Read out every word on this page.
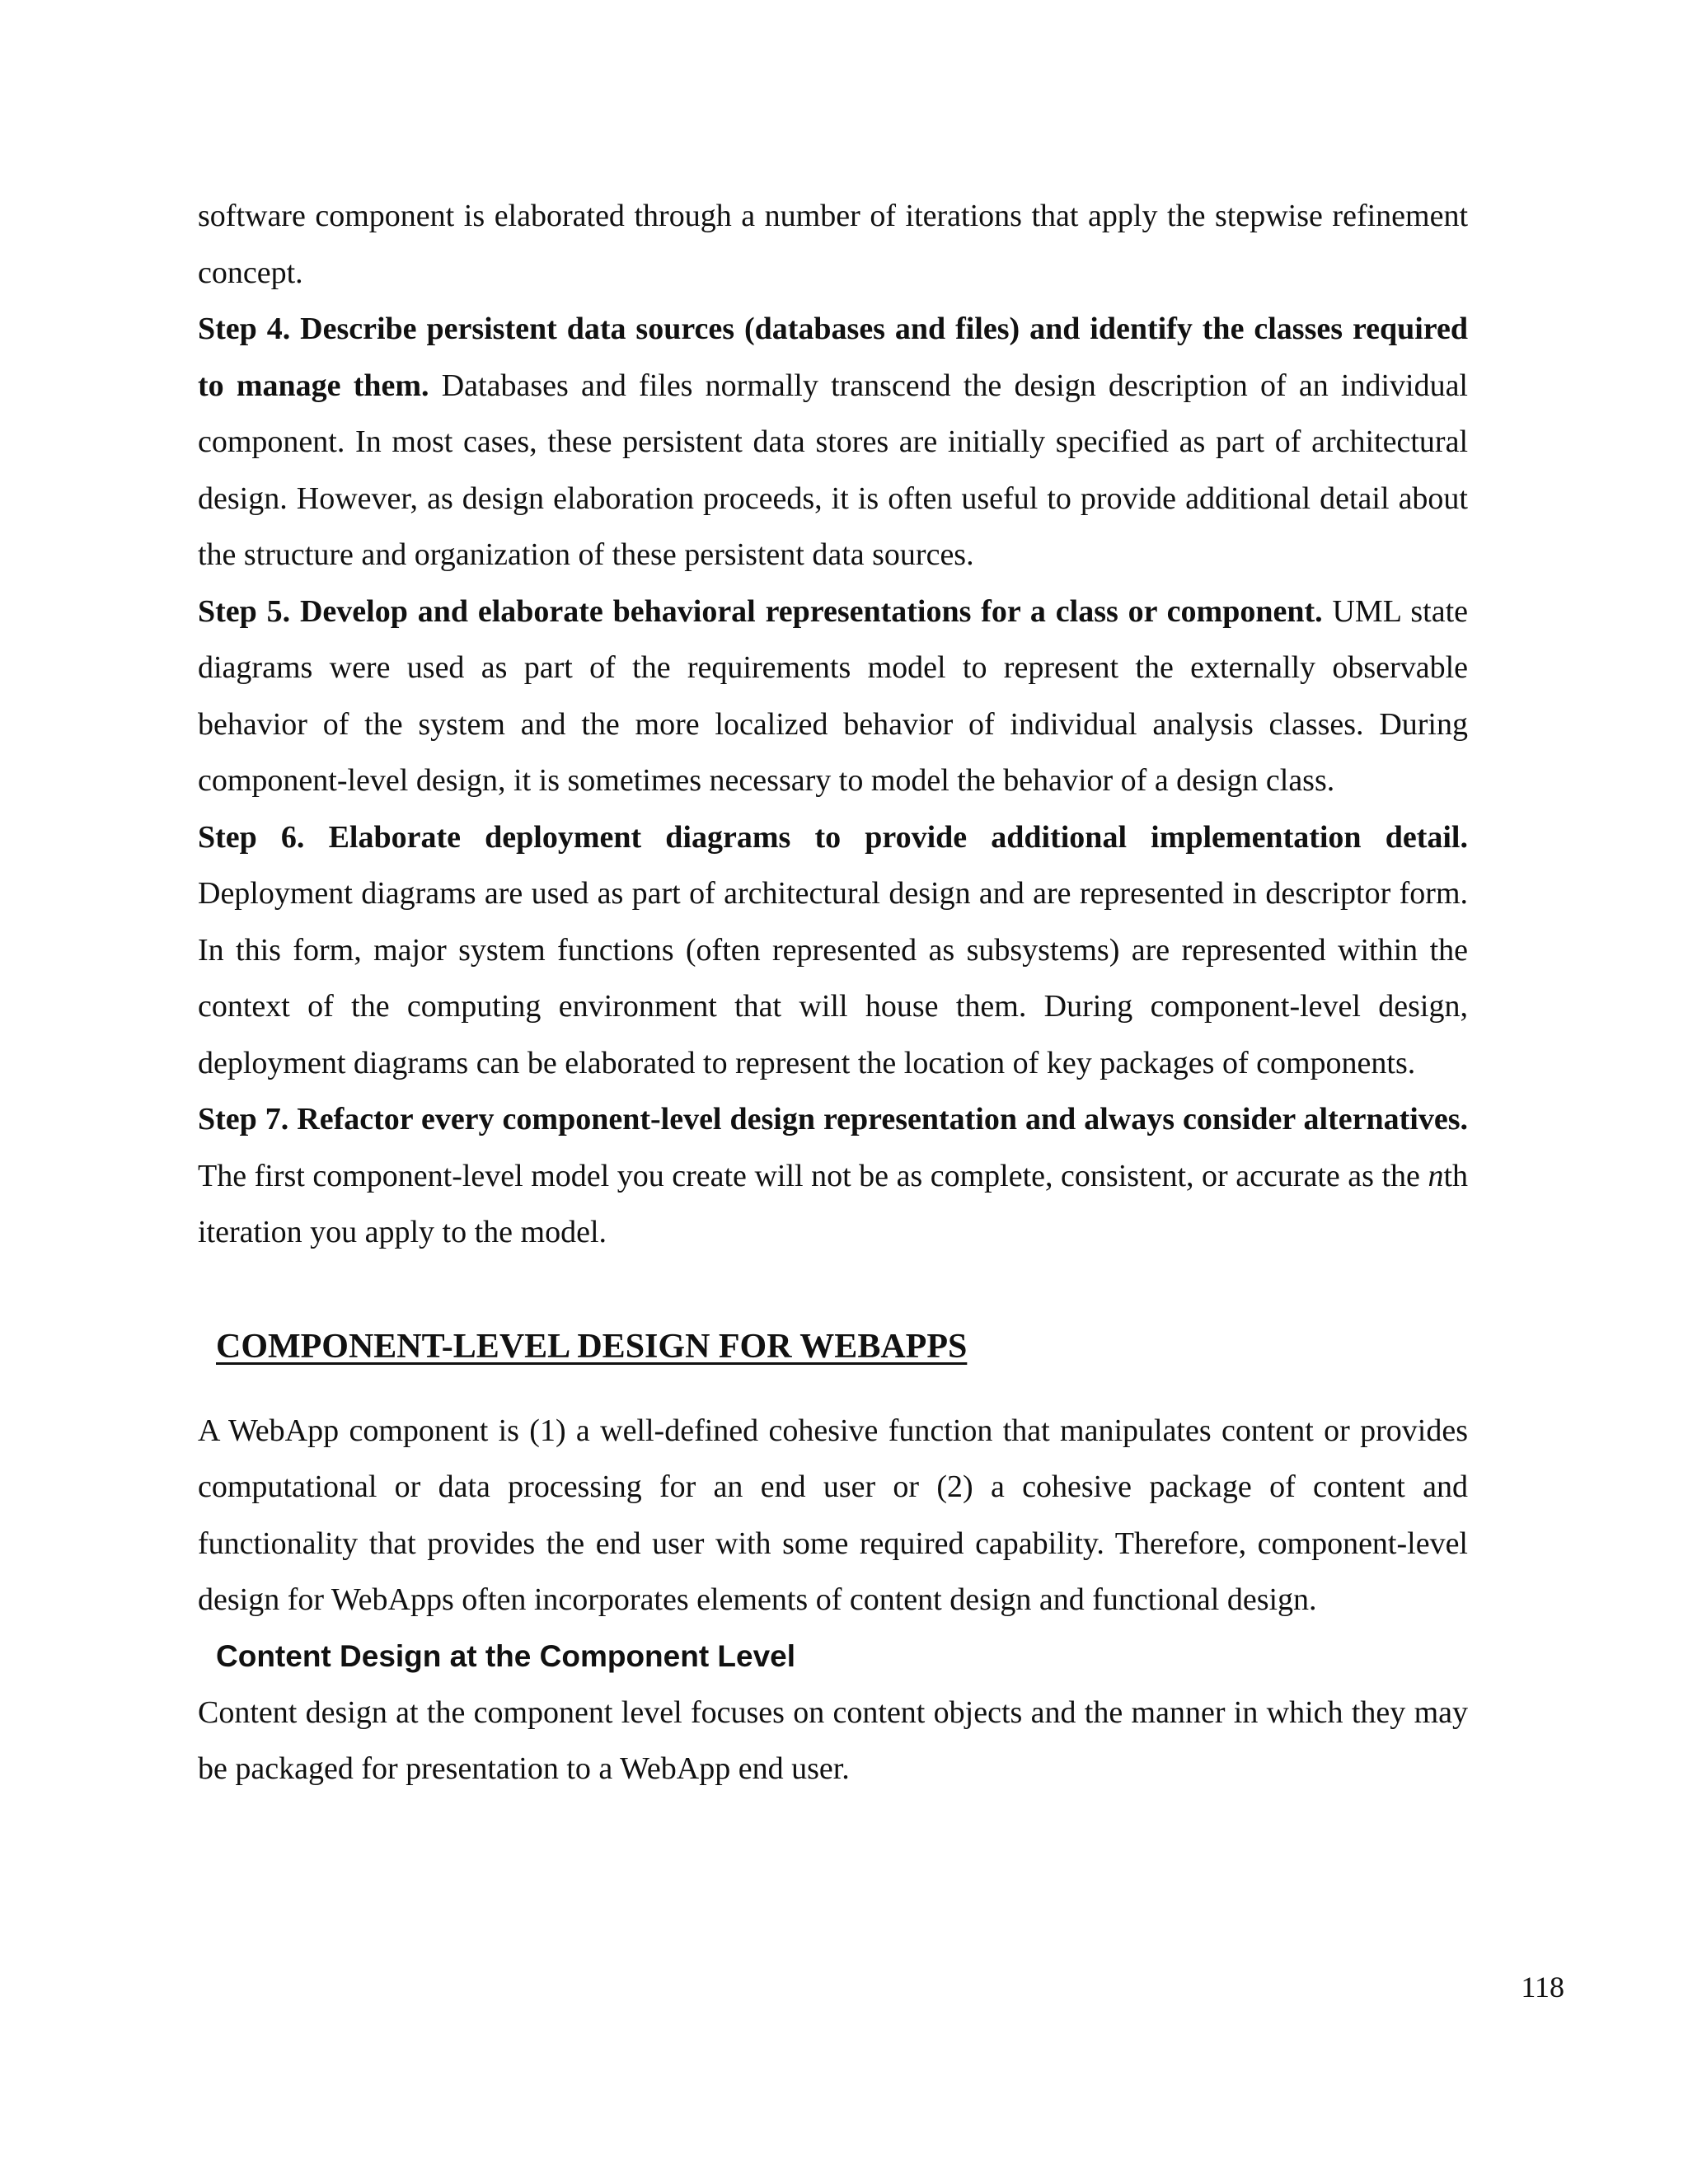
software component is elaborated through a number of iterations that apply the stepwise refinement concept.

Step 4. Describe persistent data sources (databases and files) and identify the classes required to manage them. Databases and files normally transcend the design description of an individual component. In most cases, these persistent data stores are initially specified as part of architectural design. However, as design elaboration proceeds, it is often useful to provide additional detail about the structure and organization of these persistent data sources.

Step 5. Develop and elaborate behavioral representations for a class or component. UML state diagrams were used as part of the requirements model to represent the externally observable behavior of the system and the more localized behavior of individual analysis classes. During component-level design, it is sometimes necessary to model the behavior of a design class.

Step 6. Elaborate deployment diagrams to provide additional implementation detail. Deployment diagrams are used as part of architectural design and are represented in descriptor form. In this form, major system functions (often represented as subsystems) are represented within the context of the computing environment that will house them. During component-level design, deployment diagrams can be elaborated to represent the location of key packages of components.

Step 7. Refactor every component-level design representation and always consider alternatives. The first component-level model you create will not be as complete, consistent, or accurate as the nth iteration you apply to the model.

COMPONENT-LEVEL DESIGN FOR WEBAPPS

A WebApp component is (1) a well-defined cohesive function that manipulates content or provides computational or data processing for an end user or (2) a cohesive package of content and functionality that provides the end user with some required capability. Therefore, component-level design for WebApps often incorporates elements of content design and functional design.

Content Design at the Component Level

Content design at the component level focuses on content objects and the manner in which they may be packaged for presentation to a WebApp end user.

118
